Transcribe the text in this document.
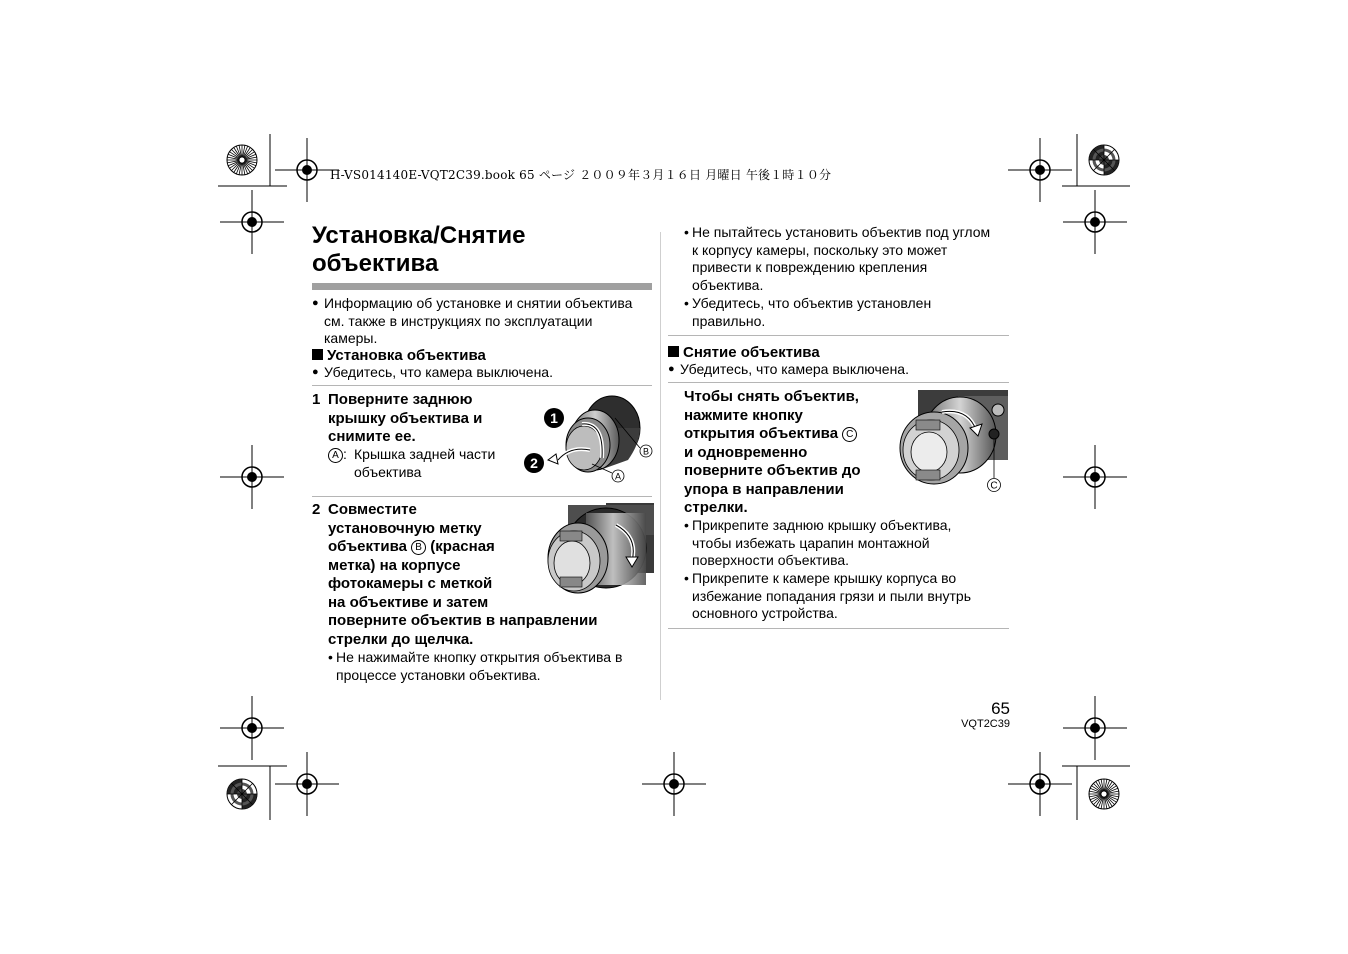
H-VS014140E-VQT2C39.book 65 ページ ２００９年３月１６日 月曜日 午後１時１０分
Установка/Снятие
объектива
● Информацию об установке и снятии объектива
см. также в инструкциях по эксплуатации
камеры.
Установка объектива
● Убедитесь, что камера выключена.
1 Поверните заднюю
крышку объектива и
снимите ее.
A : Крышка задней части
объектива
1
2
B
A
2 Совместите
установочную метку
объектива B (красная
метка) на корпусе
фотокамеры с меткой
на объективе и затем
поверните объектив в направлении
стрелки до щелчка.
• Не нажимайте кнопку открытия объектива в
процессе установки объектива.
• Не пытайтесь установить объектив под углом
к корпусу камеры, поскольку это может
привести к повреждению крепления
объектива.
• Убедитесь, что объектив установлен
правильно.
Снятие объектива
● Убедитесь, что камера выключена.
Чтобы снять объектив,
нажмите кнопку
открытия объектива C
и одновременно
поверните объектив до
упора в направлении
стрелки.
C
• Прикрепите заднюю крышку объектива,
чтобы избежать царапин монтажной
поверхности объектива.
• Прикрепите к камере крышку корпуса во
избежание попадания грязи и пыли внутрь
основного устройства.
65
VQT2C39
